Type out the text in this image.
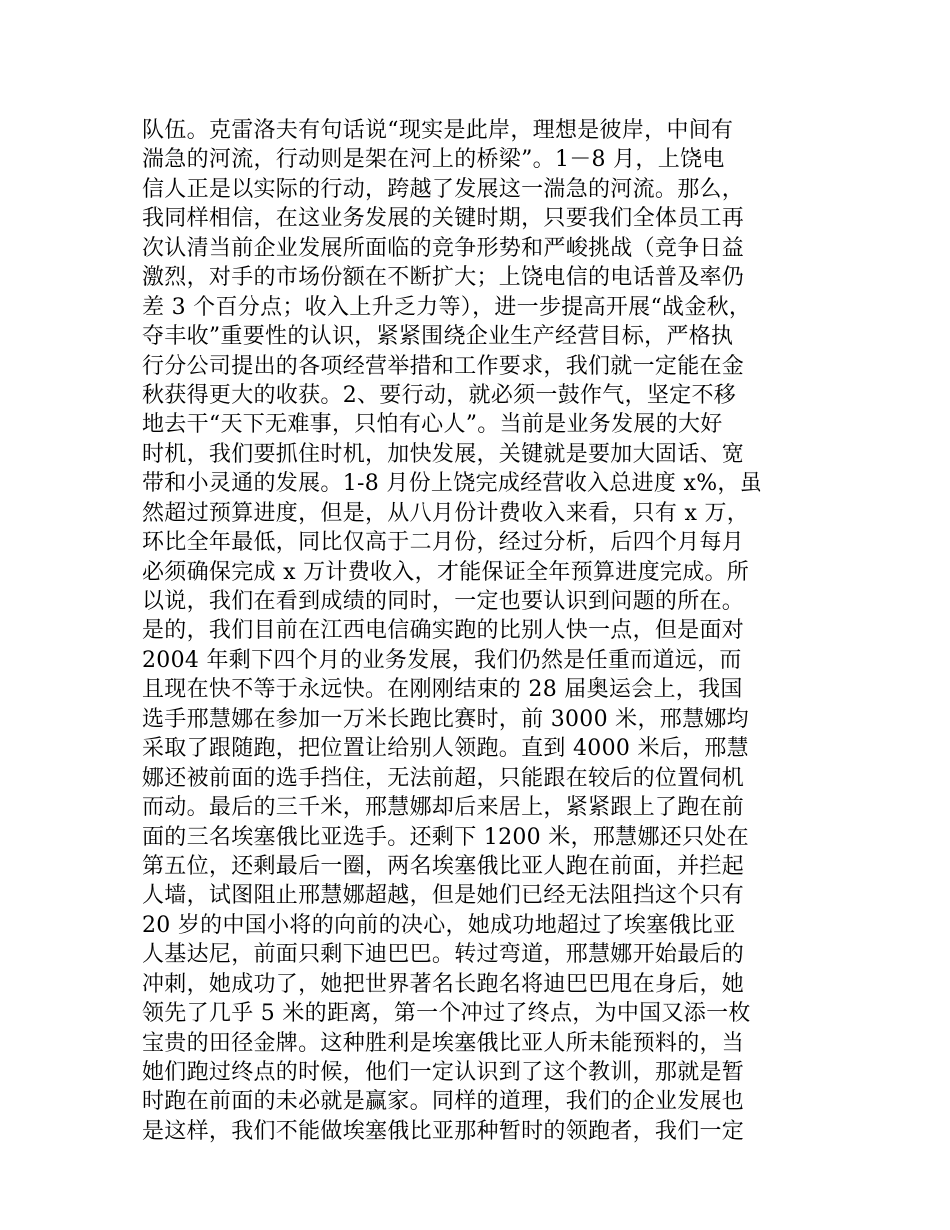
队伍。克雷洛夫有句话说“现实是此岸，理想是彼岸，中间有
湍急的河流，行动则是架在河上的桥梁”。1－8 月，上饶电
信人正是以实际的行动，跨越了发展这一湍急的河流。那么，
我同样相信，在这业务发展的关键时期，只要我们全体员工再
次认清当前企业发展所面临的竞争形势和严峻挑战（竞争日益
激烈，对手的市场份额在不断扩大；上饶电信的电话普及率仍
差 3 个百分点；收入上升乏力等），进一步提高开展“战金秋，
夺丰收”重要性的认识，紧紧围绕企业生产经营目标，严格执
行分公司提出的各项经营举措和工作要求，我们就一定能在金
秋获得更大的收获。2、要行动，就必须一鼓作气，坚定不移
地去干“天下无难事，只怕有心人”。当前是业务发展的大好
时机，我们要抓住时机，加快发展，关键就是要加大固话、宽
带和小灵通的发展。1-8 月份上饶完成经营收入总进度 x%，虽
然超过预算进度，但是，从八月份计费收入来看，只有 x 万，
环比全年最低，同比仅高于二月份，经过分析，后四个月每月
必须确保完成 x 万计费收入，才能保证全年预算进度完成。所
以说，我们在看到成绩的同时，一定也要认识到问题的所在。
是的，我们目前在江西电信确实跑的比别人快一点，但是面对
2004 年剩下四个月的业务发展，我们仍然是任重而道远，而
且现在快不等于永远快。在刚刚结束的 28 届奥运会上，我国
选手邢慧娜在参加一万米长跑比赛时，前 3000 米，邢慧娜均
采取了跟随跑，把位置让给别人领跑。直到 4000 米后，邢慧
娜还被前面的选手挡住，无法前超，只能跟在较后的位置伺机
而动。最后的三千米，邢慧娜却后来居上，紧紧跟上了跑在前
面的三名埃塞俄比亚选手。还剩下 1200 米，邢慧娜还只处在
第五位，还剩最后一圈，两名埃塞俄比亚人跑在前面，并拦起
人墙，试图阻止邢慧娜超越，但是她们已经无法阻挡这个只有
20 岁的中国小将的向前的决心，她成功地超过了埃塞俄比亚
人基达尼，前面只剩下迪巴巴。转过弯道，邢慧娜开始最后的
冲刺，她成功了，她把世界著名长跑名将迪巴巴甩在身后，她
领先了几乎 5 米的距离，第一个冲过了终点，为中国又添一枚
宝贵的田径金牌。这种胜利是埃塞俄比亚人所未能预料的，当
她们跑过终点的时候，他们一定认识到了这个教训，那就是暂
时跑在前面的未必就是赢家。同样的道理，我们的企业发展也
是这样，我们不能做埃塞俄比亚那种暂时的领跑者，我们一定
